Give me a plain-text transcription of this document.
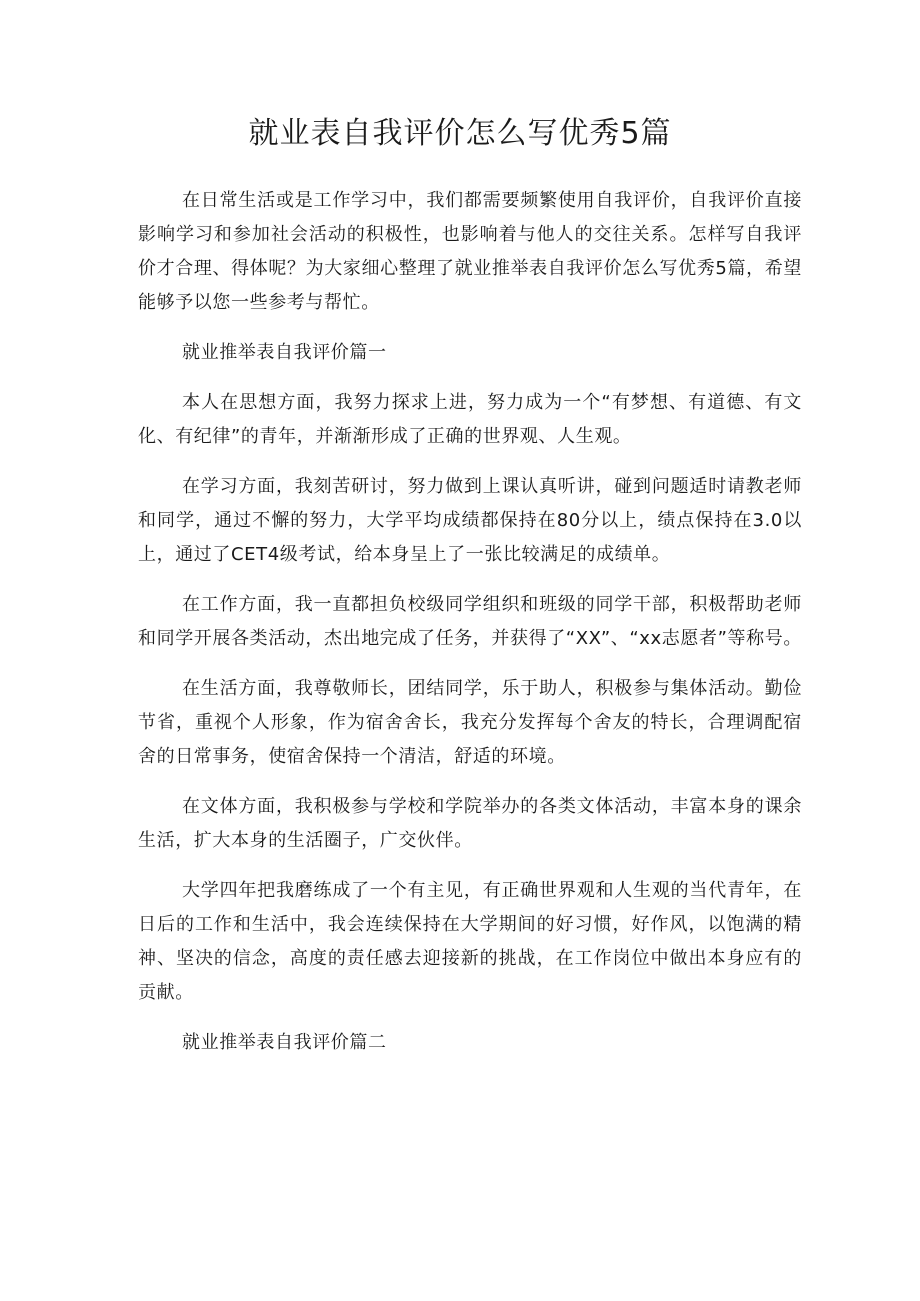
就业表自我评价怎么写优秀5篇

在日常生活或是工作学习中，我们都需要频繁使用自我评价，自我评价直接影响学习和参加社会活动的积极性，也影响着与他人的交往关系。怎样写自我评价才合理、得体呢？为大家细心整理了就业推举表自我评价怎么写优秀5篇，希望能够予以您一些参考与帮忙。

就业推举表自我评价篇一

本人在思想方面，我努力探求上进，努力成为一个“有梦想、有道德、有文化、有纪律”的青年，并渐渐形成了正确的世界观、人生观。

在学习方面，我刻苦研讨，努力做到上课认真听讲，碰到问题适时请教老师和同学，通过不懈的努力，大学平均成绩都保持在80分以上，绩点保持在3.0以上，通过了CET4级考试，给本身呈上了一张比较满足的成绩单。

在工作方面，我一直都担负校级同学组织和班级的同学干部，积极帮助老师和同学开展各类活动，杰出地完成了任务，并获得了“XX”、“xx志愿者”等称号。

在生活方面，我尊敬师长，团结同学，乐于助人，积极参与集体活动。勤俭节省，重视个人形象，作为宿舍舍长，我充分发挥每个舍友的特长，合理调配宿舍的日常事务，使宿舍保持一个清洁，舒适的环境。

在文体方面，我积极参与学校和学院举办的各类文体活动，丰富本身的课余生活，扩大本身的生活圈子，广交伙伴。

大学四年把我磨练成了一个有主见，有正确世界观和人生观的当代青年，在日后的工作和生活中，我会连续保持在大学期间的好习惯，好作风，以饱满的精神、坚决的信念，高度的责任感去迎接新的挑战，在工作岗位中做出本身应有的贡献。

就业推举表自我评价篇二
